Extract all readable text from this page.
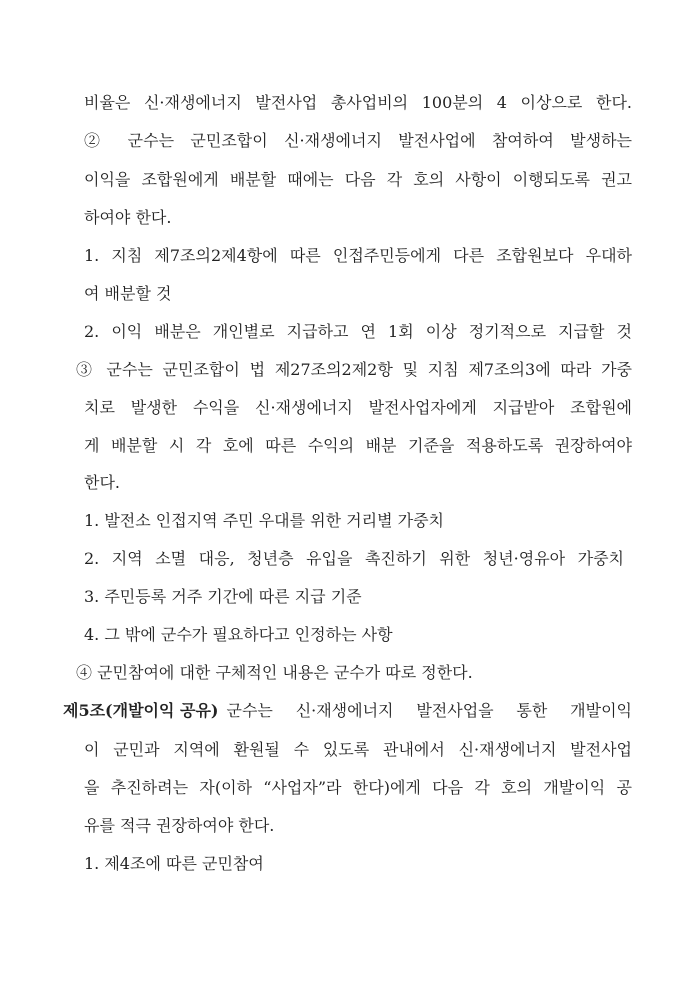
비율은 신·재생에너지 발전사업 총사업비의 100분의 4 이상으로 한다.
② 군수는 군민조합이 신·재생에너지 발전사업에 참여하여 발생하는
이익을 조합원에게 배분할 때에는 다음 각 호의 사항이 이행되도록 권고
하여야 한다.
1. 지침 제7조의2제4항에 따른 인접주민등에게 다른 조합원보다 우대하
여 배분할 것
2. 이익 배분은 개인별로 지급하고 연 1회 이상 정기적으로 지급할 것
③ 군수는 군민조합이 법 제27조의2제2항 및 지침 제7조의3에 따라 가중
치로 발생한 수익을 신·재생에너지 발전사업자에게 지급받아 조합원에
게 배분할 시 각 호에 따른 수익의 배분 기준을 적용하도록 권장하여야
한다.
1. 발전소 인접지역 주민 우대를 위한 거리별 가중치
2. 지역 소멸 대응, 청년층 유입을 촉진하기 위한 청년·영유아 가중치
3. 주민등록 거주 기간에 따른 지급 기준
4. 그 밖에 군수가 필요하다고 인정하는 사항
④ 군민참여에 대한 구체적인 내용은 군수가 따로 정한다.
제5조(개발이익 공유) 군수는 신·재생에너지 발전사업을 통한 개발이익
이 군민과 지역에 환원될 수 있도록 관내에서 신·재생에너지 발전사업
을 추진하려는 자(이하 “사업자”라 한다)에게 다음 각 호의 개발이익 공
유를 적극 권장하여야 한다.
1. 제4조에 따른 군민참여
